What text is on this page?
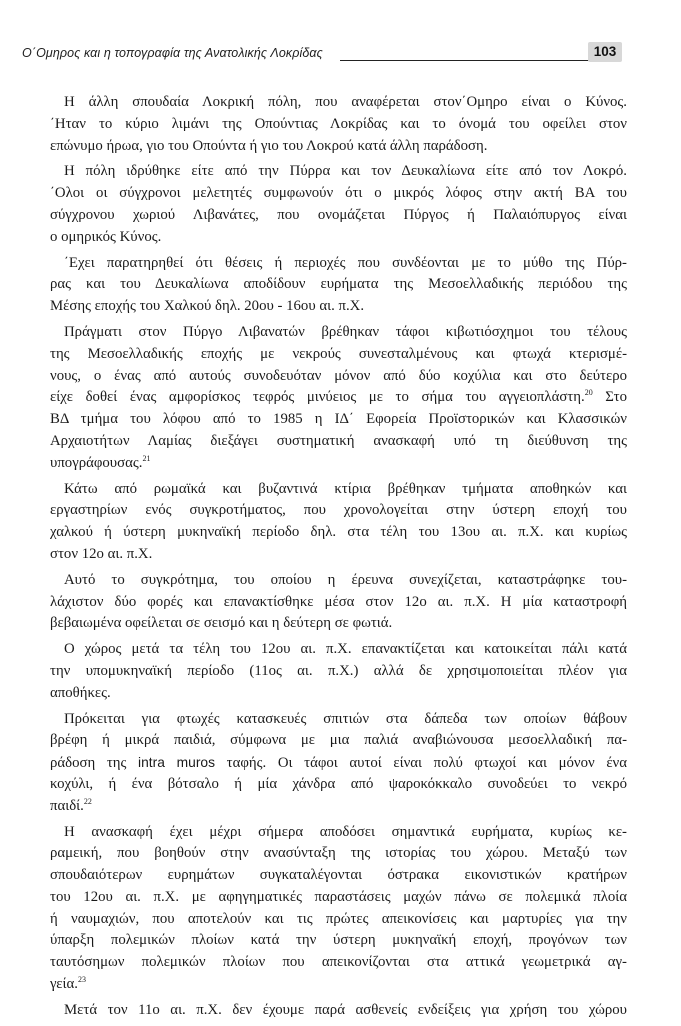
Ο΄Ομηρος και η τοπογραφία της Ανατολικής Λοκρίδας	103
Η άλλη σπουδαία Λοκρική πόλη, που αναφέρεται στον΄Ομηρο είναι ο Κύνος.
΄Ηταν το κύριο λιμάνι της Οπούντιας Λοκρίδας και το όνομά του οφείλει στον
επώνυμο ήρωα, γιο του Οπούντα ή γιο του Λοκρού κατά άλλη παράδοση.
Η πόλη ιδρύθηκε είτε από την Πύρρα και τον Δευκαλίωνα είτε από τον Λοκρό.
΄Ολοι οι σύγχρονοι μελετητές συμφωνούν ότι ο μικρός λόφος στην ακτή ΒΑ του
σύγχρονου χωριού Λιβανάτες, που ονομάζεται Πύργος ή Παλαιόπυργος είναι
ο ομηρικός Κύνος.
΄Εχει παρατηρηθεί ότι θέσεις ή περιοχές που συνδέονται με το μύθο της Πύρ-
ρας και του Δευκαλίωνα αποδίδουν ευρήματα της Μεσοελλαδικής περιόδου της
Μέσης εποχής του Χαλκού δηλ. 20ου - 16ου αι. π.Χ.
Πράγματι στον Πύργο Λιβανατών βρέθηκαν τάφοι κιβωτιόσχημοι του τέλους
της Μεσοελλαδικής εποχής με νεκρούς συνεσταλμένους και φτωχά κτερισμέ-
νους, ο ένας από αυτούς συνοδευόταν μόνον από δύο κοχύλια και στο δεύτερο
είχε δοθεί ένας αμφορίσκος τεφρός μινύειος με το σήμα του αγγειοπλάστη.$^{20}$ Στο
ΒΔ τμήμα του λόφου από το 1985 η ΙΔ΄ Εφορεία Προϊστορικών και Κλασσικών
Αρχαιοτήτων Λαμίας διεξάγει συστηματική ανασκαφή υπό τη διεύθυνση της
υπογράφουσας.$^{21}$
Κάτω από ρωμαϊκά και βυζαντινά κτίρια βρέθηκαν τμήματα αποθηκών και
εργαστηρίων ενός συγκροτήματος, που χρονολογείται στην ύστερη εποχή του
χαλκού ή ύστερη μυκηναϊκή περίοδο δηλ. στα τέλη του 13ου αι. π.Χ. και κυρίως
στον 12ο αι. π.Χ.
Αυτό το συγκρότημα, του οποίου η έρευνα συνεχίζεται, καταστράφηκε του-
λάχιστον δύο φορές και επανακτίσθηκε μέσα στον 12ο αι. π.Χ. Η μία καταστροφή
βεβαιωμένα οφείλεται σε σεισμό και η δεύτερη σε φωτιά.
Ο χώρος μετά τα τέλη του 12ου αι. π.Χ. επανακτίζεται και κατοικείται πάλι κατά
την υπομυκηναϊκή περίοδο (11ος αι. π.Χ.) αλλά δε χρησιμοποιείται πλέον για
αποθήκες.
Πρόκειται για φτωχές κατασκευές σπιτιών στα δάπεδα των οποίων θάβουν
βρέφη ή μικρά παιδιά, σύμφωνα με μια παλιά αναβιώνουσα μεσοελλαδική πα-
ράδοση της intra muros ταφής. Οι τάφοι αυτοί είναι πολύ φτωχοί και μόνον ένα
κοχύλι, ή ένα βότσαλο ή μία χάνδρα από ψαροκόκκαλο συνοδεύει το νεκρό
παιδί.$^{22}$
Η ανασκαφή έχει μέχρι σήμερα αποδόσει σημαντικά ευρήματα, κυρίως κε-
ραμεική, που βοηθούν στην ανασύνταξη της ιστορίας του χώρου. Μεταξύ των
σπουδαιότερων ευρημάτων συγκαταλέγονται όστρακα εικονιστικών κρατήρων
του 12ου αι. π.Χ. με αφηγηματικές παραστάσεις μαχών πάνω σε πολεμικά πλοία
ή ναυμαχιών, που αποτελούν και τις πρώτες απεικονίσεις και μαρτυρίες για την
ύπαρξη πολεμικών πλοίων κατά την ύστερη μυκηναϊκή εποχή, προγόνων των
ταυτόσημων πολεμικών πλοίων που απεικονίζονται στα αττικά γεωμετρικά αγ-
γεία.$^{23}$
Μετά τον 11ο αι. π.Χ. δεν έχουμε παρά ασθενείς ενδείξεις για χρήση του χώρου
